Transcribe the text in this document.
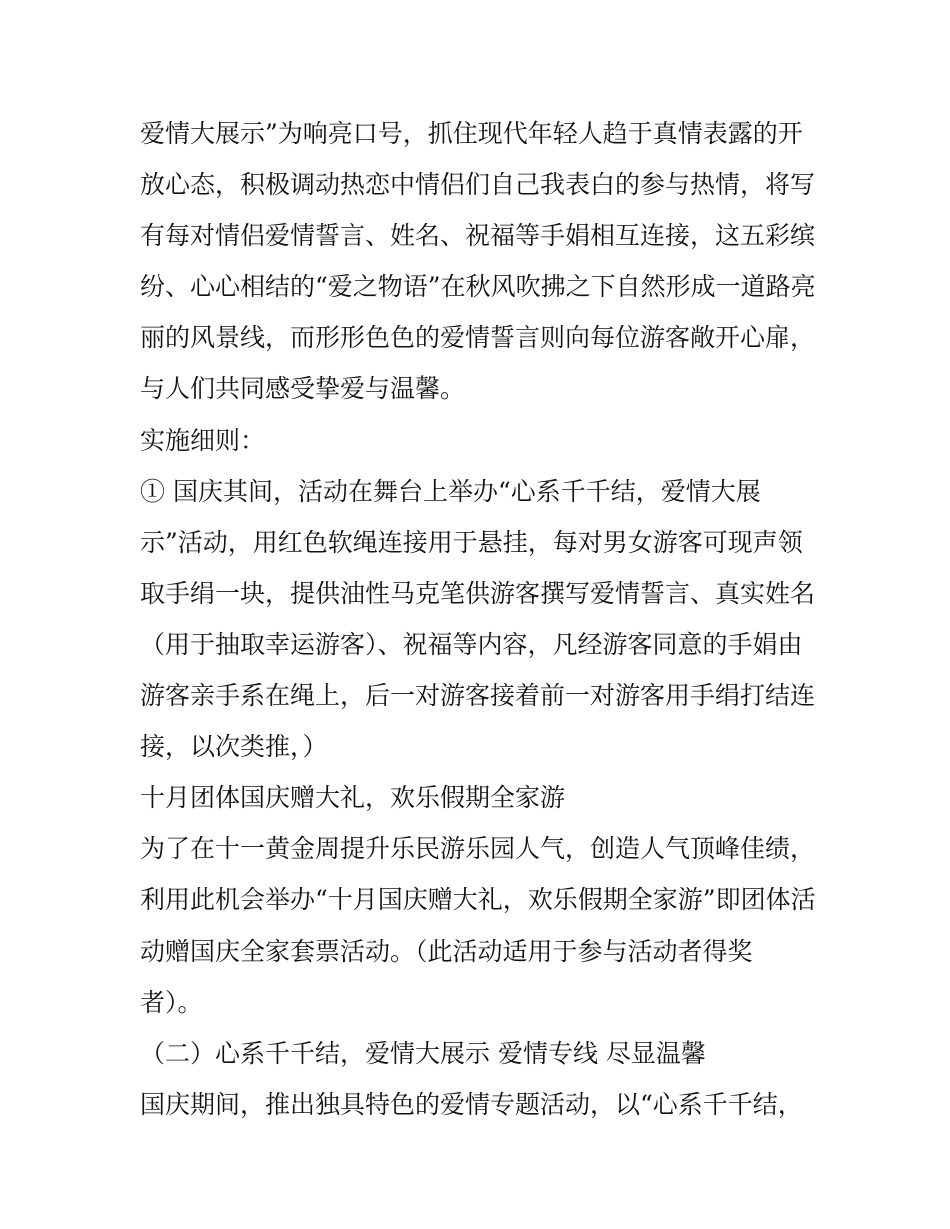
爱情大展示”为响亮口号，抓住现代年轻人趋于真情表露的开
放心态，积极调动热恋中情侣们自己我表白的参与热情，将写
有每对情侣爱情誓言、姓名、祝福等手娟相互连接，这五彩缤
纷、心心相结的“爱之物语”在秋风吹拂之下自然形成一道路亮
丽的风景线，而形形色色的爱情誓言则向每位游客敞开心扉，
与人们共同感受挚爱与温馨。
实施细则：
① 国庆其间，活动在舞台上举办“心系千千结，爱情大展
示”活动，用红色软绳连接用于悬挂，每对男女游客可现声领
取手绢一块，提供油性马克笔供游客撰写爱情誓言、真实姓名
（用于抽取幸运游客）、祝福等内容，凡经游客同意的手娟由
游客亲手系在绳上，后一对游客接着前一对游客用手绢打结连
接，以次类推，）
十月团体国庆赠大礼，欢乐假期全家游
为了在十一黄金周提升乐民游乐园人气，创造人气顶峰佳绩，
利用此机会举办“十月国庆赠大礼，欢乐假期全家游”即团体活
动赠国庆全家套票活动。（此活动适用于参与活动者得奖
者）。
（二）心系千千结，爱情大展示 爱情专线 尽显温馨
国庆期间，推出独具特色的爱情专题活动，以“心系千千结，
